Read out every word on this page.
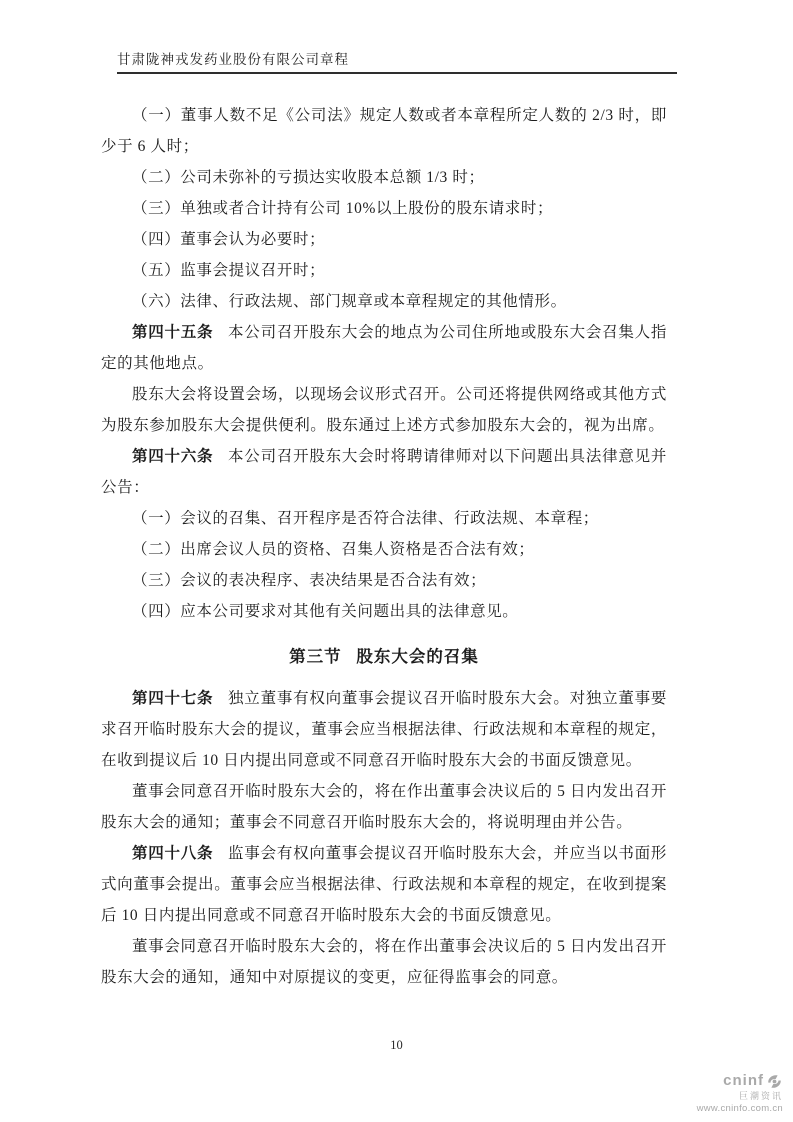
甘肃陇神戎发药业股份有限公司章程

（一）董事人数不足《公司法》规定人数或者本章程所定人数的 2/3 时，即少于 6 人时；

（二）公司未弥补的亏损达实收股本总额 1/3 时；

（三）单独或者合计持有公司 10%以上股份的股东请求时；

（四）董事会认为必要时；

（五）监事会提议召开时；

（六）法律、行政法规、部门规章或本章程规定的其他情形。

第四十五条 本公司召开股东大会的地点为公司住所地或股东大会召集人指定的其他地点。

股东大会将设置会场，以现场会议形式召开。公司还将提供网络或其他方式为股东参加股东大会提供便利。股东通过上述方式参加股东大会的，视为出席。

第四十六条 本公司召开股东大会时将聘请律师对以下问题出具法律意见并公告：

（一）会议的召集、召开程序是否符合法律、行政法规、本章程；

（二）出席会议人员的资格、召集人资格是否合法有效；

（三）会议的表决程序、表决结果是否合法有效；

（四）应本公司要求对其他有关问题出具的法律意见。

第三节 股东大会的召集

第四十七条 独立董事有权向董事会提议召开临时股东大会。对独立董事要求召开临时股东大会的提议，董事会应当根据法律、行政法规和本章程的规定，在收到提议后 10 日内提出同意或不同意召开临时股东大会的书面反馈意见。

董事会同意召开临时股东大会的，将在作出董事会决议后的 5 日内发出召开股东大会的通知；董事会不同意召开临时股东大会的，将说明理由并公告。

第四十八条 监事会有权向董事会提议召开临时股东大会，并应当以书面形式向董事会提出。董事会应当根据法律、行政法规和本章程的规定，在收到提案后 10 日内提出同意或不同意召开临时股东大会的书面反馈意见。

董事会同意召开临时股东大会的，将在作出董事会决议后的 5 日内发出召开股东大会的通知，通知中对原提议的变更，应征得监事会的同意。

10
cninf
巨潮资讯
www.cninfo.com.cn
